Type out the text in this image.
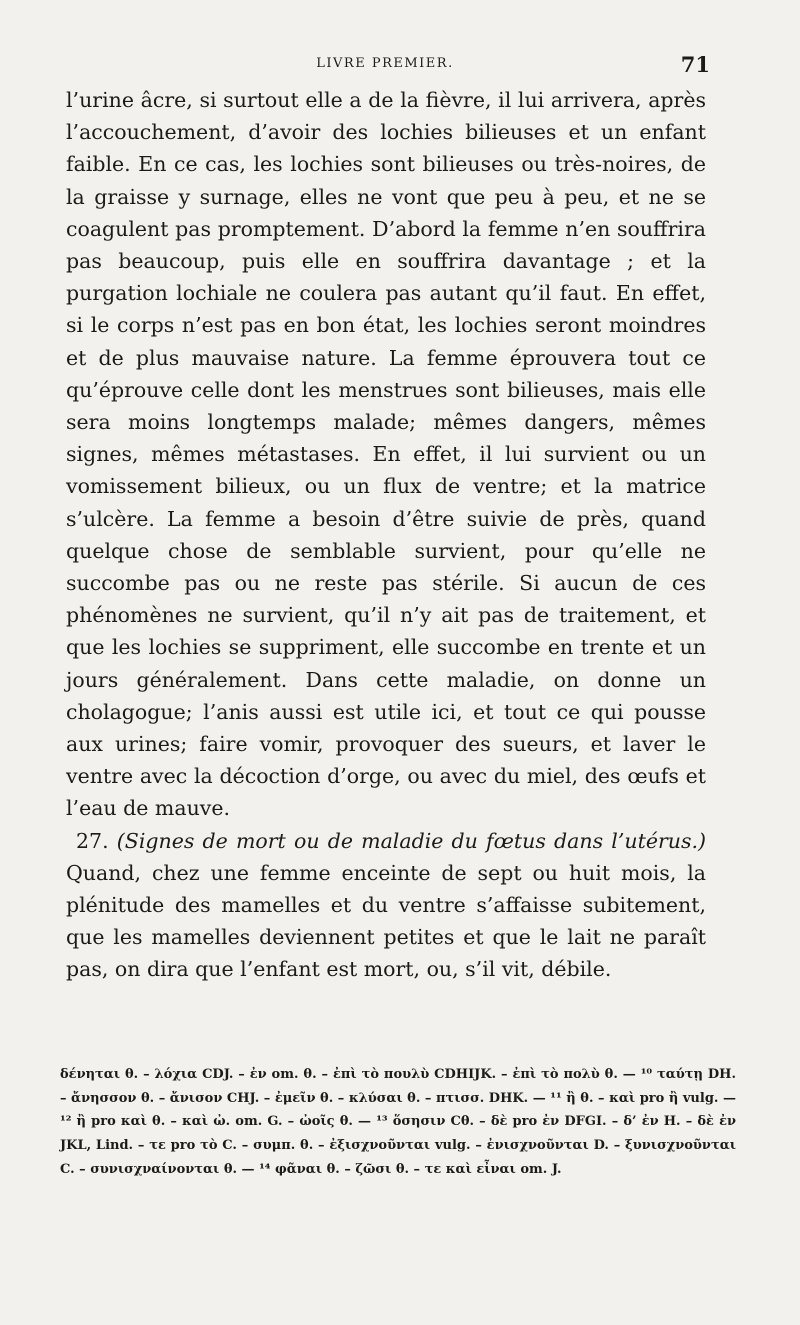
LIVRE PREMIER.	71

l’urine âcre, si surtout elle a de la fièvre, il lui arrivera, après l’accouchement, d’avoir des lochies bilieuses et un enfant faible. En ce cas, les lochies sont bilieuses ou très-noires, de la graisse y surnage, elles ne vont que peu à peu, et ne se coagulent pas promptement. D’abord la femme n’en souffrira pas beaucoup, puis elle en souffrira davantage ; et la purgation lochiale ne coulera pas autant qu’il faut. En effet, si le corps n’est pas en bon état, les lochies seront moindres et de plus mauvaise nature. La femme éprouvera tout ce qu’éprouve celle dont les menstrues sont bilieuses, mais elle sera moins longtemps malade; mêmes dangers, mêmes signes, mêmes métastases. En effet, il lui survient ou un vomissement bilieux, ou un flux de ventre; et la matrice s’ulcère. La femme a besoin d’être suivie de près, quand quelque chose de semblable survient, pour qu’elle ne succombe pas ou ne reste pas stérile. Si aucun de ces phénomènes ne survient, qu’il n’y ait pas de traitement, et que les lochies se suppriment, elle succombe en trente et un jours généralement. Dans cette maladie, on donne un cholagogue; l’anis aussi est utile ici, et tout ce qui pousse aux urines; faire vomir, provoquer des sueurs, et laver le ventre avec la décoction d’orge, ou avec du miel, des œufs et l’eau de mauve.

27. (Signes de mort ou de maladie du fœtus dans l’utérus.) Quand, chez une femme enceinte de sept ou huit mois, la plénitude des mamelles et du ventre s’affaisse subitement, que les mamelles deviennent petites et que le lait ne paraît pas, on dira que l’enfant est mort, ou, s’il vit, débile.

δένηται θ. – λόχια CDJ. – ἐν om. θ. – ἐπὶ τὸ πουλὺ CDHIJK. – ἐπὶ τὸ πολὺ θ. — ¹⁰ ταύτῃ DH. – ἄνησσον θ. – ἄνισον CHJ. – ἐμεῖν θ. – κλύσαι θ. – πτισσ. DHK. — ¹¹ ἢ θ. – καὶ pro ἢ vulg. — ¹² ἢ pro καὶ θ. – καὶ ὠ. om. G. – ὠοῖς θ. — ¹³ ὅσησιν Cθ. – δὲ pro ἐν DFGI. – δ’ ἐν H. – δὲ ἐν JKL, Lind. – τε pro τὸ C. – συμπ. θ. – ἐξισχνοῦνται vulg. – ἐνισχνοῦνται D. – ξυνισχνοῦνται C. – συνισχναίνονται θ. — ¹⁴ φᾶναι θ. – ζῶσι θ. – τε καὶ εἶναι om. J.
